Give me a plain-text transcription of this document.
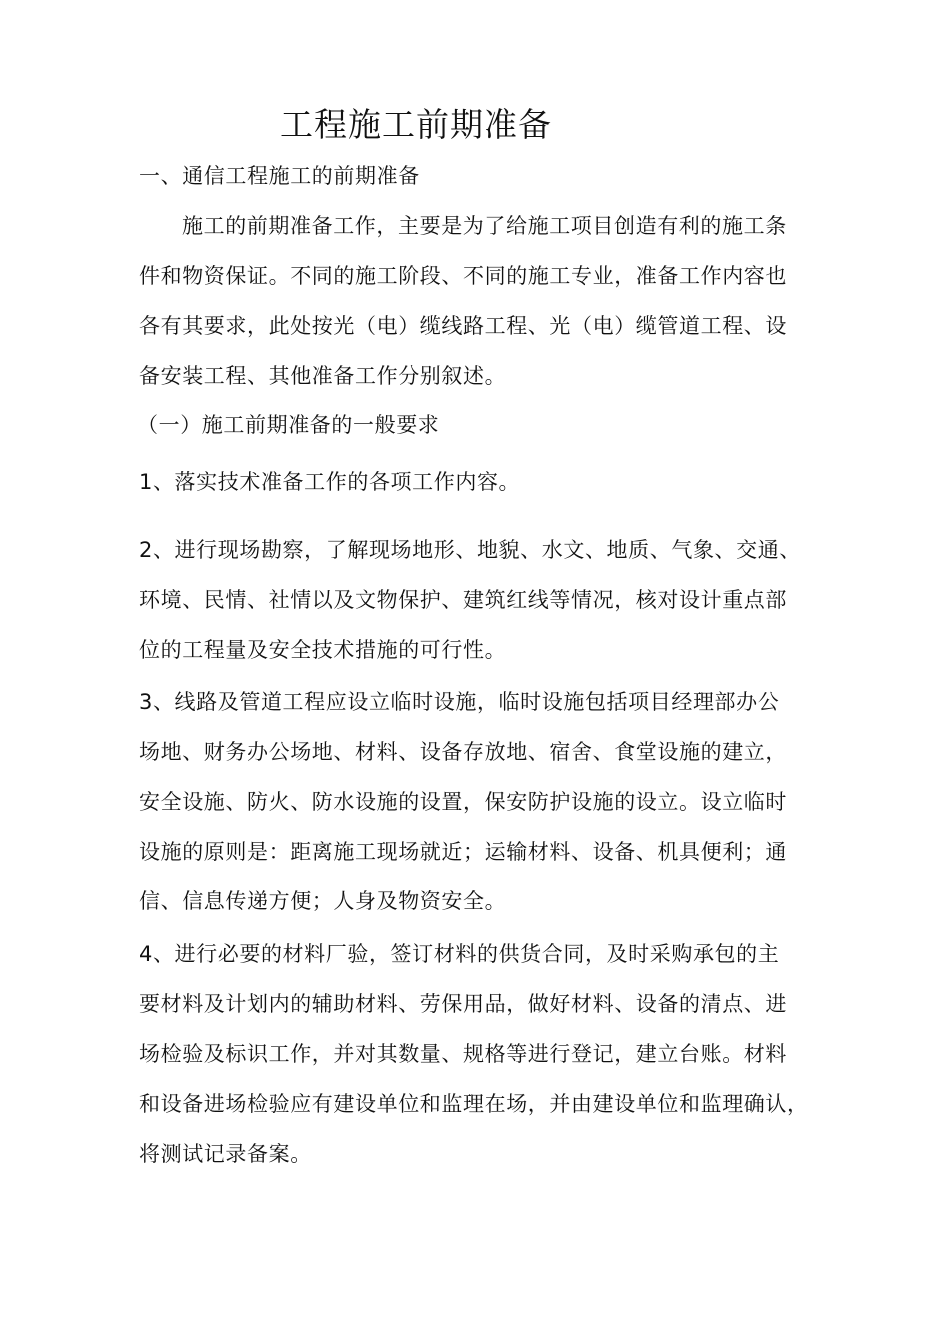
工程施工前期准备
一、通信工程施工的前期准备
施工的前期准备工作，主要是为了给施工项目创造有利的施工条
件和物资保证。不同的施工阶段、不同的施工专业，准备工作内容也
各有其要求，此处按光（电）缆线路工程、光（电）缆管道工程、设
备安装工程、其他准备工作分别叙述。
（一）施工前期准备的一般要求
1、落实技术准备工作的各项工作内容。
2、进行现场勘察，了解现场地形、地貌、水文、地质、气象、交通、
环境、民情、社情以及文物保护、建筑红线等情况，核对设计重点部
位的工程量及安全技术措施的可行性。
3、线路及管道工程应设立临时设施，临时设施包括项目经理部办公
场地、财务办公场地、材料、设备存放地、宿舍、食堂设施的建立，
安全设施、防火、防水设施的设置，保安防护设施的设立。设立临时
设施的原则是：距离施工现场就近；运输材料、设备、机具便利；通
信、信息传递方便；人身及物资安全。
4、进行必要的材料厂验，签订材料的供货合同，及时采购承包的主
要材料及计划内的辅助材料、劳保用品，做好材料、设备的清点、进
场检验及标识工作，并对其数量、规格等进行登记，建立台账。材料
和设备进场检验应有建设单位和监理在场，并由建设单位和监理确认，
将测试记录备案。
